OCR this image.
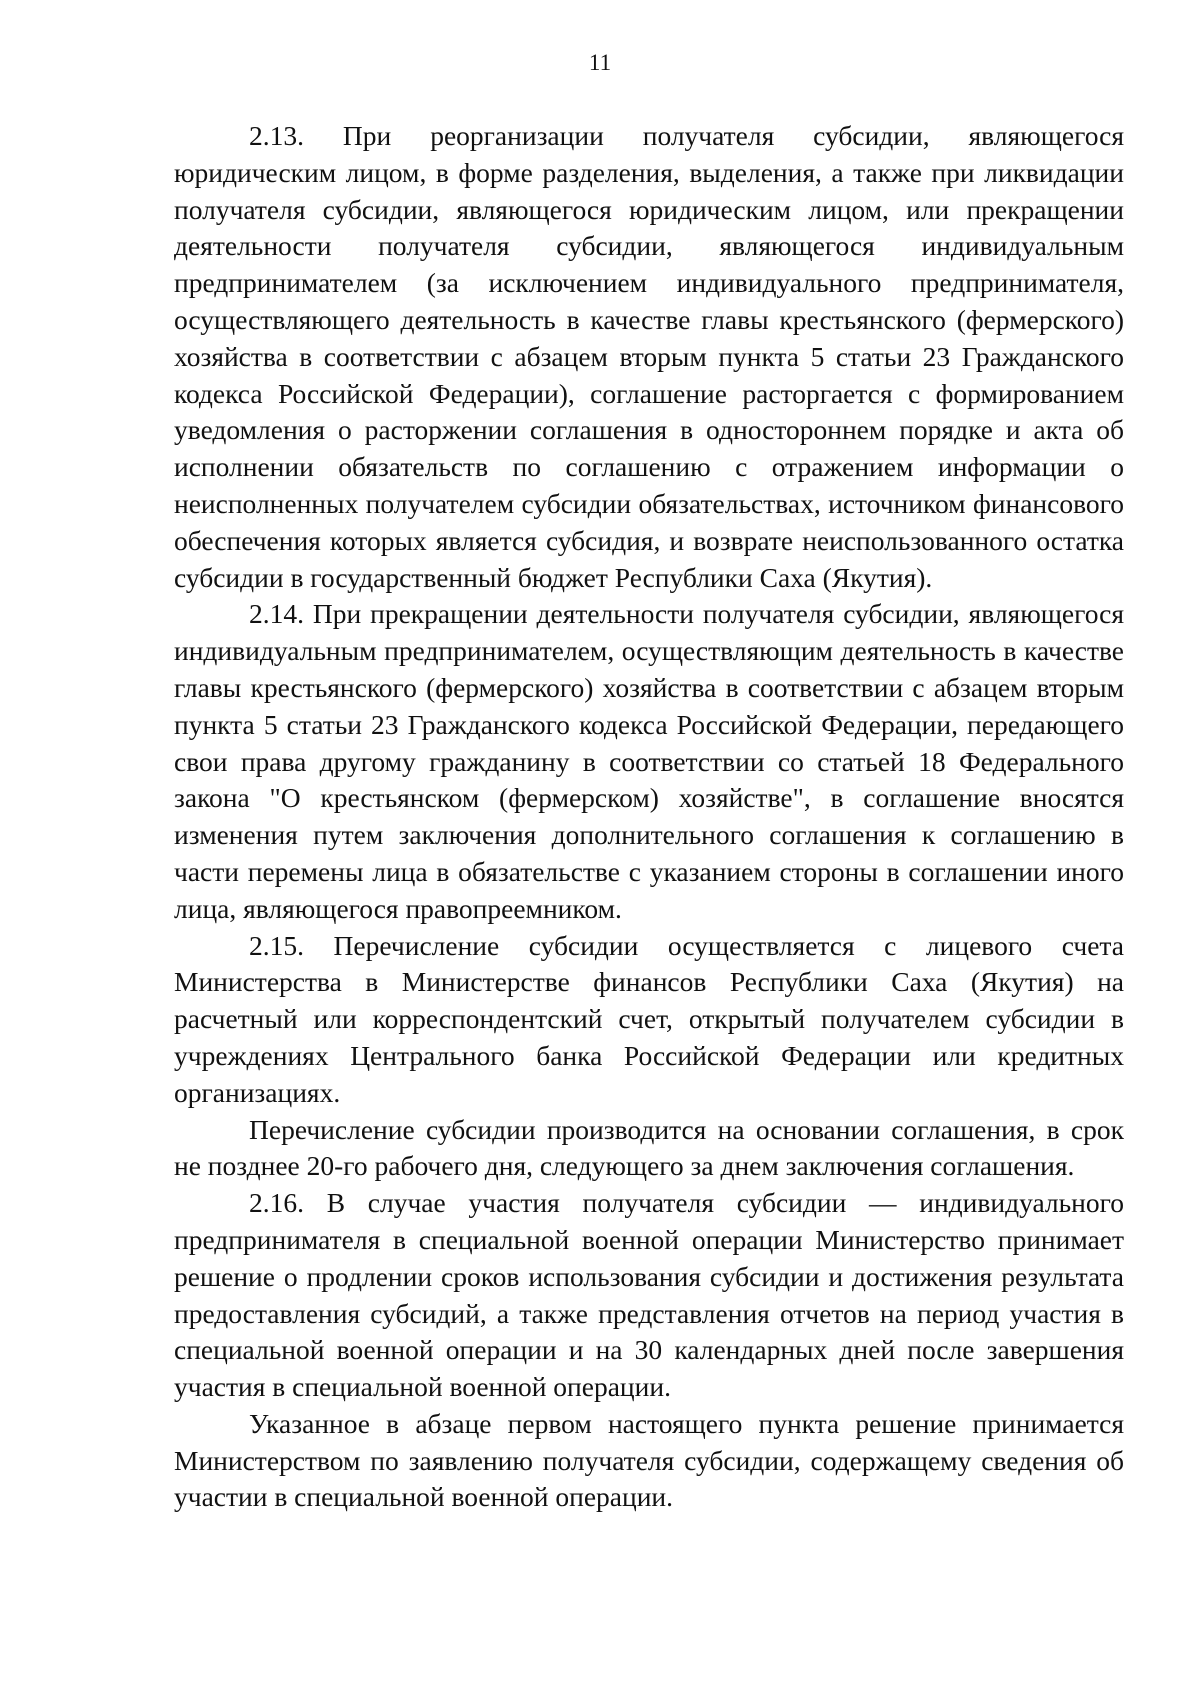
11

2.13. При реорганизации получателя субсидии, являющегося юридическим лицом, в форме разделения, выделения, а также при ликвидации получателя субсидии, являющегося юридическим лицом, или прекращении деятельности получателя субсидии, являющегося индивидуальным предпринимателем (за исключением индивидуального предпринимателя, осуществляющего деятельность в качестве главы крестьянского (фермерского) хозяйства в соответствии с абзацем вторым пункта 5 статьи 23 Гражданского кодекса Российской Федерации), соглашение расторгается с формированием уведомления о расторжении соглашения в одностороннем порядке и акта об исполнении обязательств по соглашению с отражением информации о неисполненных получателем субсидии обязательствах, источником финансового обеспечения которых является субсидия, и возврате неиспользованного остатка субсидии в государственный бюджет Республики Саха (Якутия).

2.14. При прекращении деятельности получателя субсидии, являющегося индивидуальным предпринимателем, осуществляющим деятельность в качестве главы крестьянского (фермерского) хозяйства в соответствии с абзацем вторым пункта 5 статьи 23 Гражданского кодекса Российской Федерации, передающего свои права другому гражданину в соответствии со статьей 18 Федерального закона "О крестьянском (фермерском) хозяйстве", в соглашение вносятся изменения путем заключения дополнительного соглашения к соглашению в части перемены лица в обязательстве с указанием стороны в соглашении иного лица, являющегося правопреемником.

2.15. Перечисление субсидии осуществляется с лицевого счета Министерства в Министерстве финансов Республики Саха (Якутия) на расчетный или корреспондентский счет, открытый получателем субсидии в учреждениях Центрального банка Российской Федерации или кредитных организациях.

Перечисление субсидии производится на основании соглашения, в срок не позднее 20-го рабочего дня, следующего за днем заключения соглашения.

2.16. В случае участия получателя субсидии — индивидуального предпринимателя в специальной военной операции Министерство принимает решение о продлении сроков использования субсидии и достижения результата предоставления субсидий, а также представления отчетов на период участия в специальной военной операции и на 30 календарных дней после завершения участия в специальной военной операции.

Указанное в абзаце первом настоящего пункта решение принимается Министерством по заявлению получателя субсидии, содержащему сведения об участии в специальной военной операции.
